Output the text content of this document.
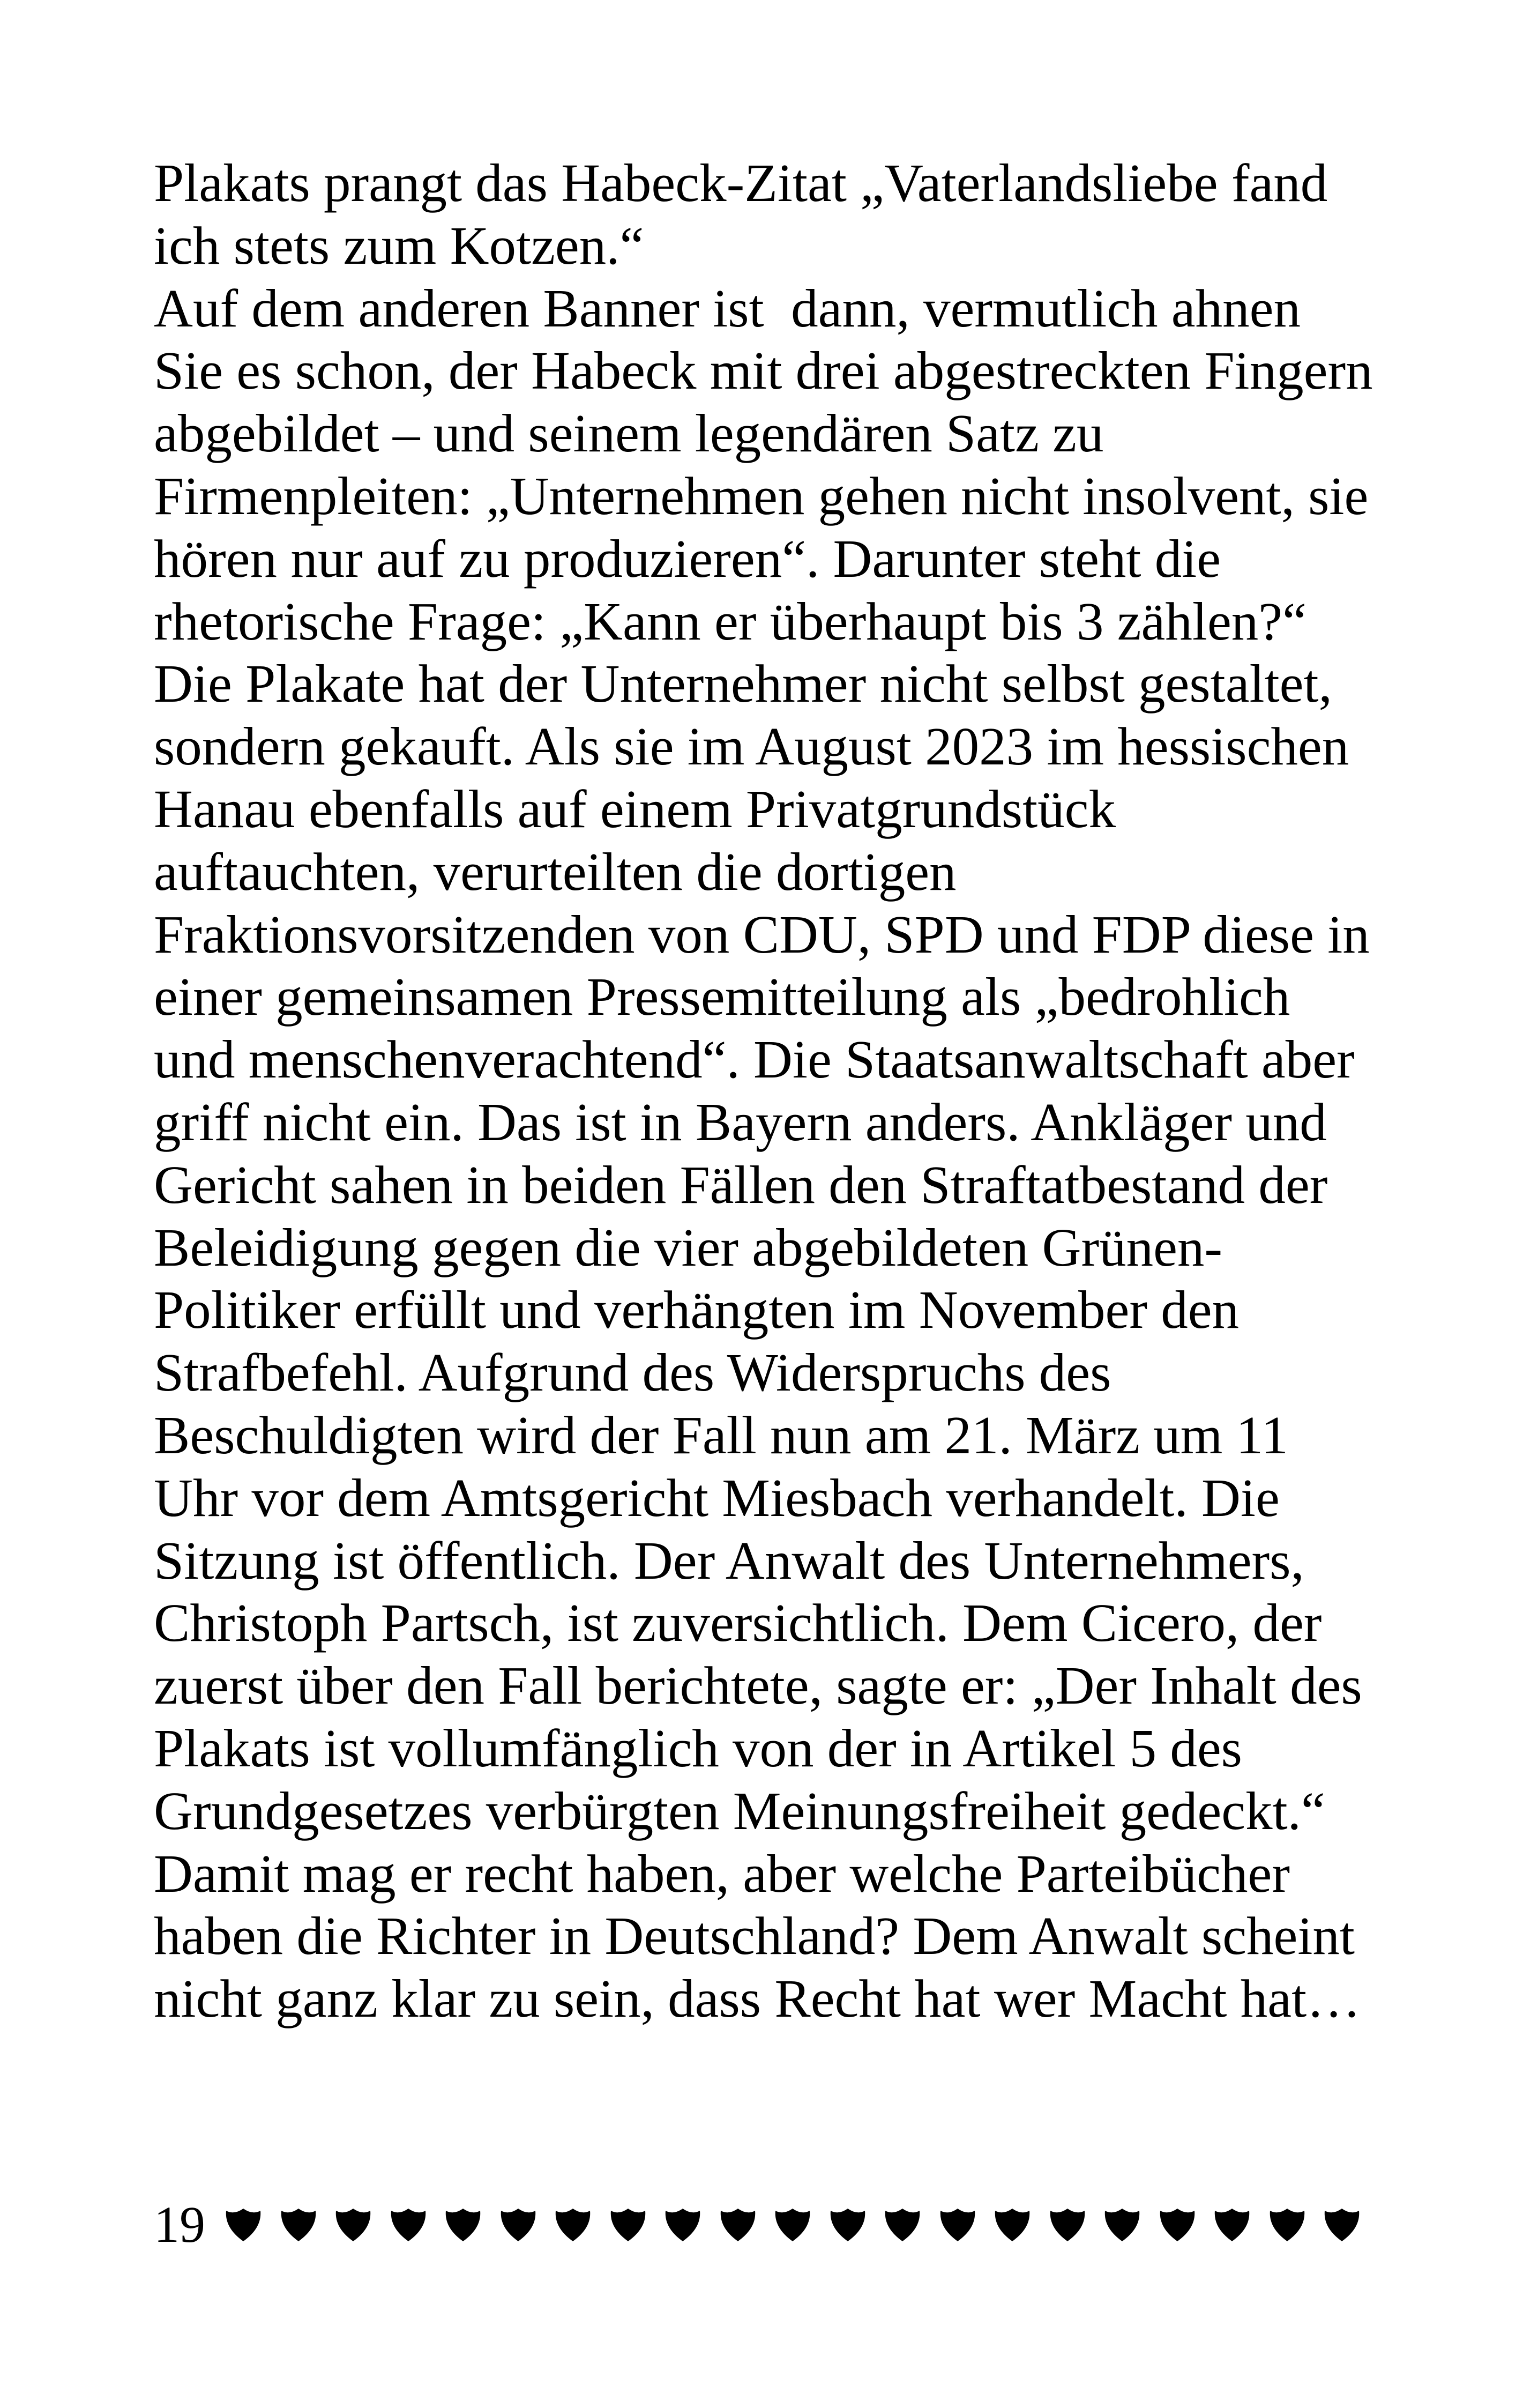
Plakats prangt das Habeck-Zitat „Vaterlandsliebe fand
ich stets zum Kotzen.“
Auf dem anderen Banner ist  dann, vermutlich ahnen
Sie es schon, der Habeck mit drei abgestreckten Fingern
abgebildet – und seinem legendären Satz zu
Firmenpleiten: „Unternehmen gehen nicht insolvent, sie
hören nur auf zu produzieren“. Darunter steht die
rhetorische Frage: „Kann er überhaupt bis 3 zählen?“
Die Plakate hat der Unternehmer nicht selbst gestaltet,
sondern gekauft. Als sie im August 2023 im hessischen
Hanau ebenfalls auf einem Privatgrundstück
auftauchten, verurteilten die dortigen
Fraktionsvorsitzenden von CDU, SPD und FDP diese in
einer gemeinsamen Pressemitteilung als „bedrohlich
und menschenverachtend“. Die Staatsanwaltschaft aber
griff nicht ein. Das ist in Bayern anders. Ankläger und
Gericht sahen in beiden Fällen den Straftatbestand der
Beleidigung gegen die vier abgebildeten Grünen-
Politiker erfüllt und verhängten im November den
Strafbefehl. Aufgrund des Widerspruchs des
Beschuldigten wird der Fall nun am 21. März um 11
Uhr vor dem Amtsgericht Miesbach verhandelt. Die
Sitzung ist öffentlich. Der Anwalt des Unternehmers,
Christoph Partsch, ist zuversichtlich. Dem Cicero, der
zuerst über den Fall berichtete, sagte er: „Der Inhalt des
Plakats ist vollumfänglich von der in Artikel 5 des
Grundgesetzes verbürgten Meinungsfreiheit gedeckt.“
Damit mag er recht haben, aber welche Parteibücher
haben die Richter in Deutschland? Dem Anwalt scheint
nicht ganz klar zu sein, dass Recht hat wer Macht hat…
19
